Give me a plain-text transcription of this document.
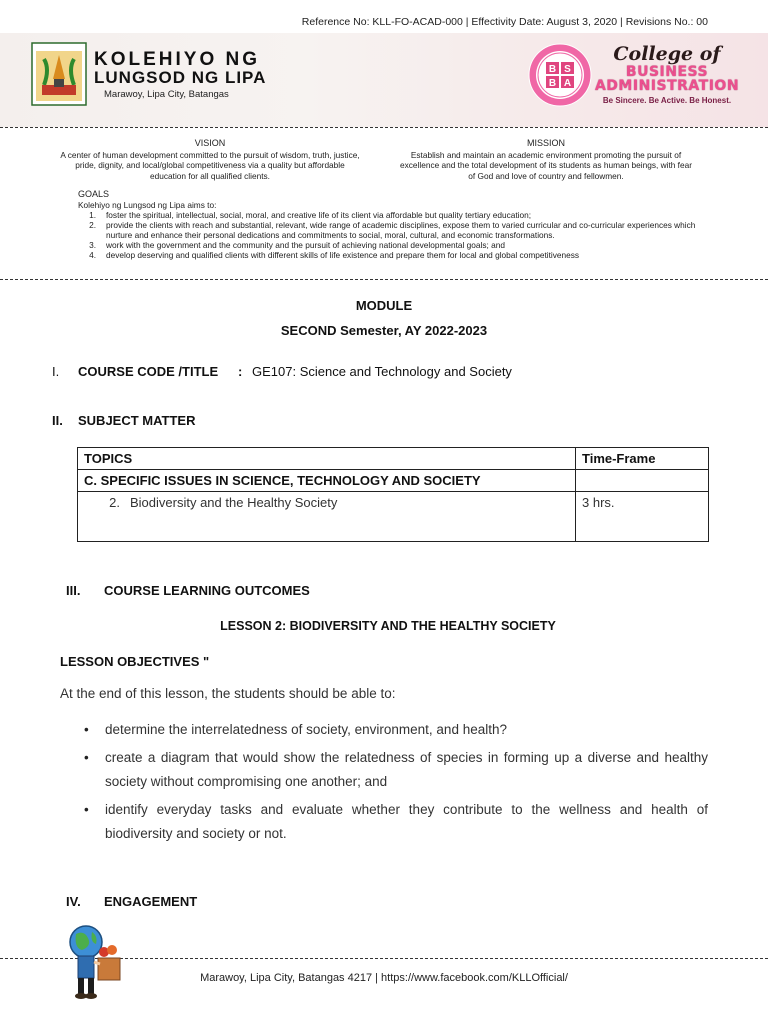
Reference No: KLL-FO-ACAD-000 | Effectivity Date: August 3, 2020 | Revisions No.: 00
KOLEHIYO NG
LUNGSOD NG LIPA
Marawoy, Lipa City, Batangas
B S
B A
College of
BUSINESS
ADMINISTRATION
Be Sincere. Be Active. Be Honest.
VISION
A center of human development committed to the pursuit of wisdom, truth, justice, pride, dignity, and local/global competitiveness via a quality but affordable education for all qualified clients.
MISSION
Establish and maintain an academic environment promoting the pursuit of excellence and the total development of its students as human beings, with fear of God and love of country and fellowmen.
GOALS
Kolehiyo ng Lungsod ng Lipa aims to:
1.	foster the spiritual, intellectual, social, moral, and creative life of its client via affordable but quality tertiary education;
2.	provide the clients with reach and substantial, relevant, wide range of academic disciplines, expose them to varied curricular and co-curricular experiences which nurture and enhance their personal dedications and commitments to social, moral, cultural, and economic transformations.
3.	work with the government and the community and the pursuit of achieving national developmental goals; and
4.	develop deserving and qualified clients with different skills of life existence and prepare them for local and global competitiveness
MODULE
SECOND Semester, AY 2022-2023
I.	COURSE CODE /TITLE	: GE107: Science and Technology and Society
II.	SUBJECT MATTER
TOPICS	Time-Frame
C. SPECIFIC ISSUES IN SCIENCE, TECHNOLOGY AND SOCIETY	
2. Biodiversity and the Healthy Society	3 hrs.
III.	COURSE LEARNING OUTCOMES
LESSON 2: BIODIVERSITY AND THE HEALTHY SOCIETY
LESSON OBJECTIVES "
At the end of this lesson, the students should be able to:
• determine the interrelatedness of society, environment, and health?
• create a diagram that would show the relatedness of species in forming up a diverse and healthy society without compromising one another; and
• identify everyday tasks and evaluate whether they contribute to the wellness and health of biodiversity and society or not.
IV.	ENGAGEMENT
Marawoy, Lipa City, Batangas 4217 | https://www.facebook.com/KLLOfficial/
